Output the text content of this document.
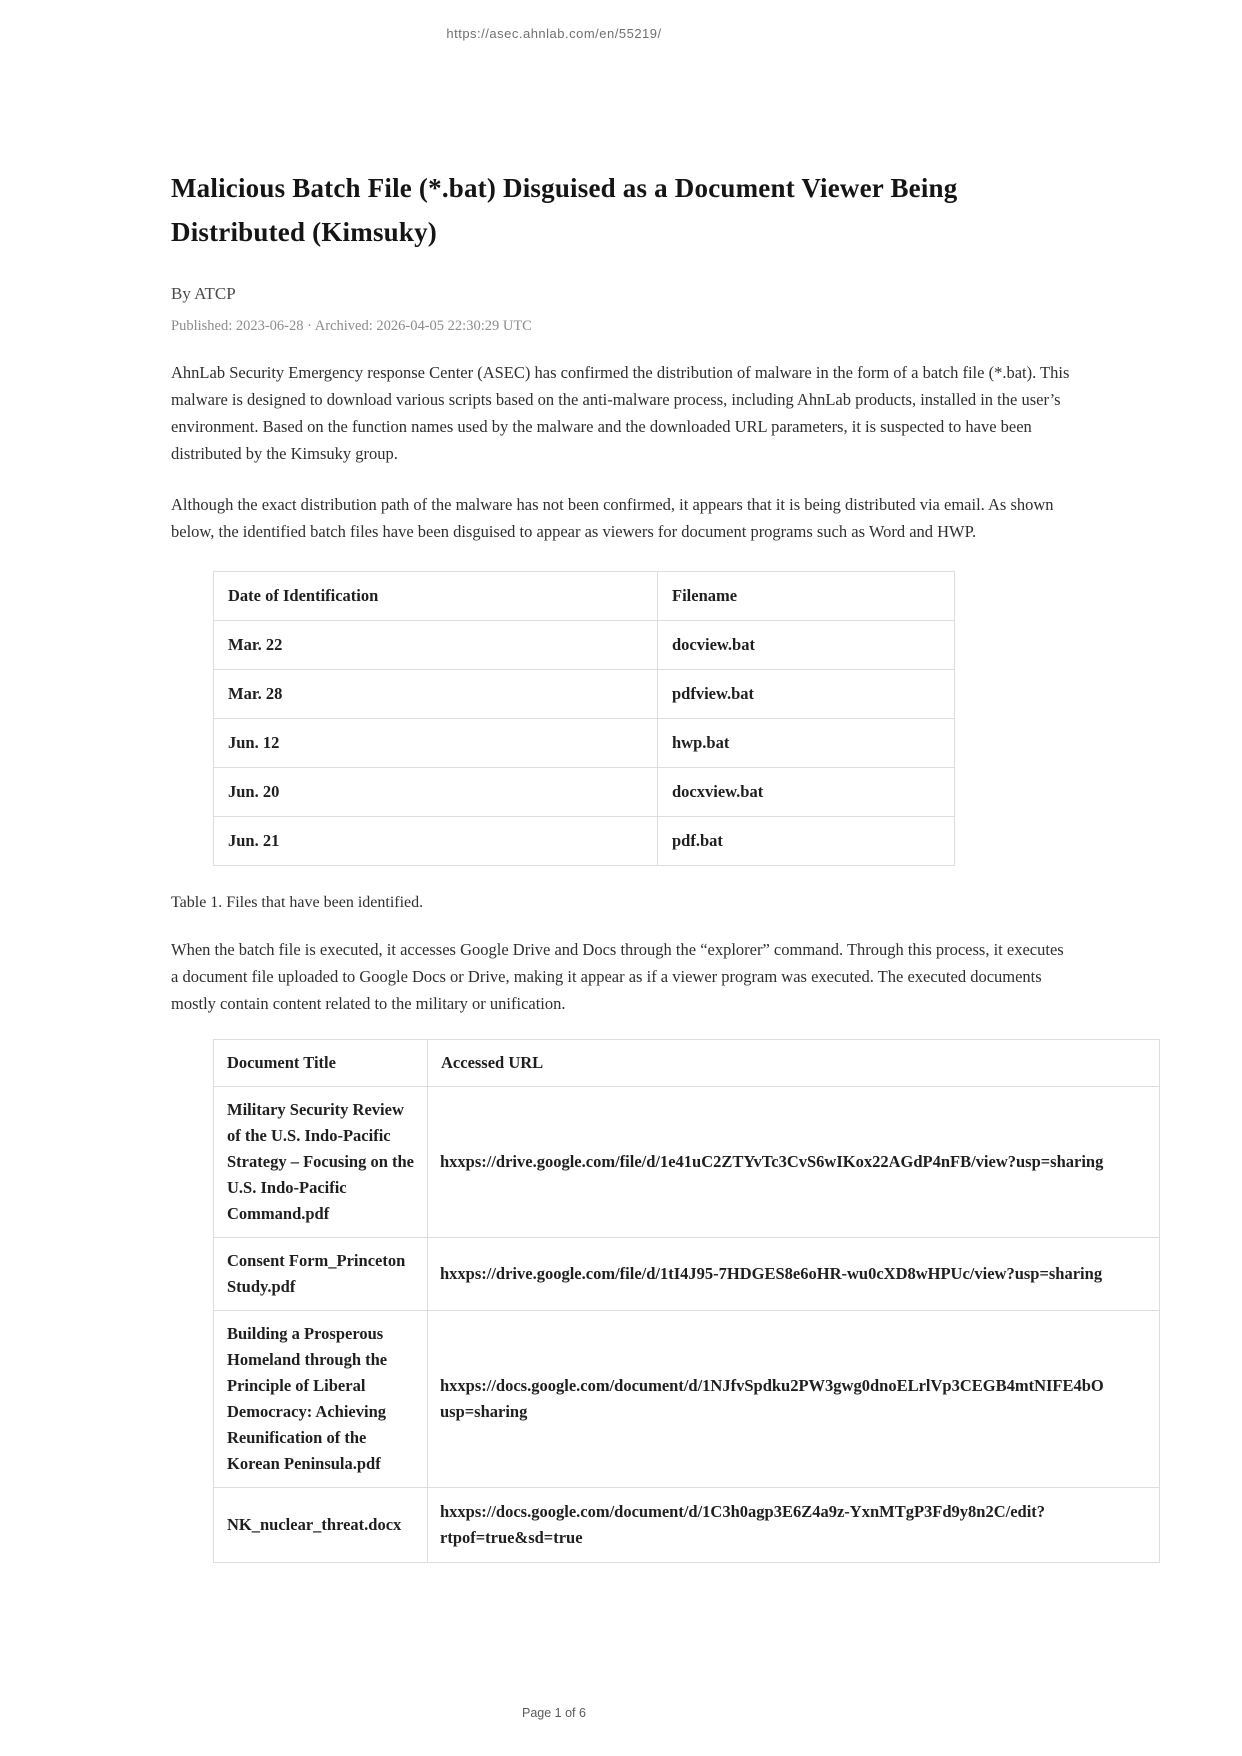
https://asec.ahnlab.com/en/55219/
Malicious Batch File (*.bat) Disguised as a Document Viewer Being Distributed (Kimsuky)
By ATCP
Published: 2023-06-28 · Archived: 2026-04-05 22:30:29 UTC

AhnLab Security Emergency response Center (ASEC) has confirmed the distribution of malware in the form of a batch file (*.bat). This malware is designed to download various scripts based on the anti-malware process, including AhnLab products, installed in the user’s environment. Based on the function names used by the malware and the downloaded URL parameters, it is suspected to have been distributed by the Kimsuky group.

Although the exact distribution path of the malware has not been confirmed, it appears that it is being distributed via email. As shown below, the identified batch files have been disguised to appear as viewers for document programs such as Word and HWP.

Date of Identification	Filename
Mar. 22	docview.bat
Mar. 28	pdfview.bat
Jun. 12	hwp.bat
Jun. 20	docxview.bat
Jun. 21	pdf.bat

Table 1. Files that have been identified.

When the batch file is executed, it accesses Google Drive and Docs through the “explorer” command. Through this process, it executes a document file uploaded to Google Docs or Drive, making it appear as if a viewer program was executed. The executed documents mostly contain content related to the military or unification.

Document Title	Accessed URL
Military Security Review of the U.S. Indo-Pacific Strategy – Focusing on the U.S. Indo-Pacific Command.pdf	hxxps://drive.google.com/file/d/1e41uC2ZTYvTc3CvS6wIKox22AGdP4nFB/view?usp=sharing

Consent Form_Princeton Study.pdf	hxxps://drive.google.com/file/d/1tI4J95-7HDGES8e6oHR-wu0cXD8wHPUc/view?usp=sharing

Building a Prosperous Homeland through the Principle of Liberal Democracy: Achieving Reunification of the Korean Peninsula.pdf	hxxps://docs.google.com/document/d/1NJfvSpdku2PW3gwg0dnoELrlVp3CEGB4mtNIFE4bO
usp=sharing

NK_nuclear_threat.docx	hxxps://docs.google.com/document/d/1C3h0agp3E6Z4a9z-YxnMTgP3Fd9y8n2C/edit?
rtpof=true&sd=true
Page 1 of 6
